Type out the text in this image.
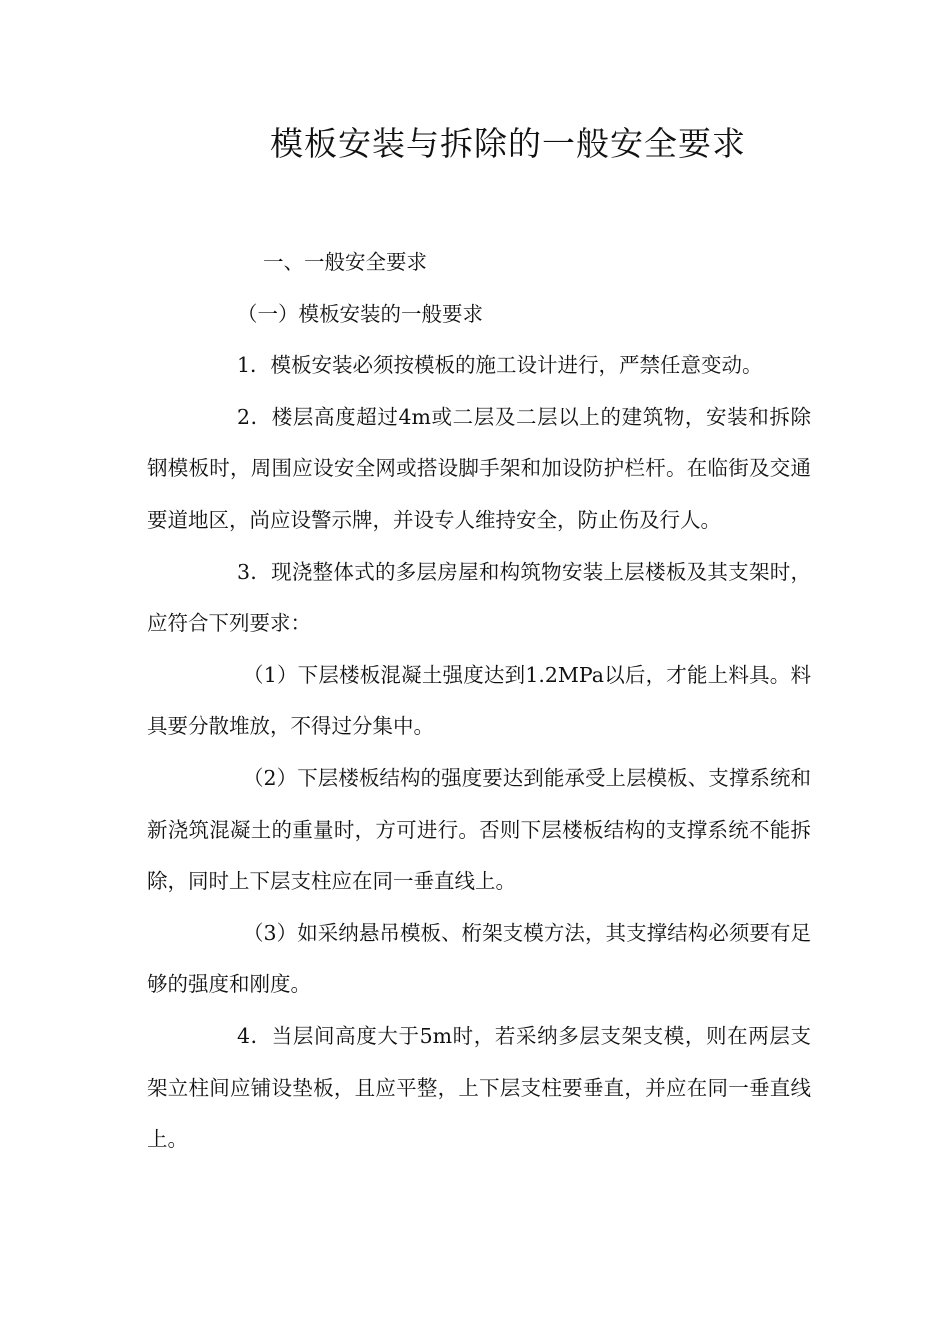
模板安装与拆除的一般安全要求

一、一般安全要求

（一）模板安装的一般要求

1．模板安装必须按模板的施工设计进行，严禁任意变动。

2．楼层高度超过4m或二层及二层以上的建筑物，安装和拆除钢模板时，周围应设安全网或搭设脚手架和加设防护栏杆。在临街及交通要道地区，尚应设警示牌，并设专人维持安全，防止伤及行人。

3．现浇整体式的多层房屋和构筑物安装上层楼板及其支架时，应符合下列要求：

（1）下层楼板混凝土强度达到1.2MPa以后，才能上料具。料具要分散堆放，不得过分集中。

（2）下层楼板结构的强度要达到能承受上层模板、支撑系统和新浇筑混凝土的重量时，方可进行。否则下层楼板结构的支撑系统不能拆除，同时上下层支柱应在同一垂直线上。

（3）如采纳悬吊模板、桁架支模方法，其支撑结构必须要有足够的强度和刚度。

4．当层间高度大于5m时，若采纳多层支架支模，则在两层支架立柱间应铺设垫板，且应平整，上下层支柱要垂直，并应在同一垂直线上。
